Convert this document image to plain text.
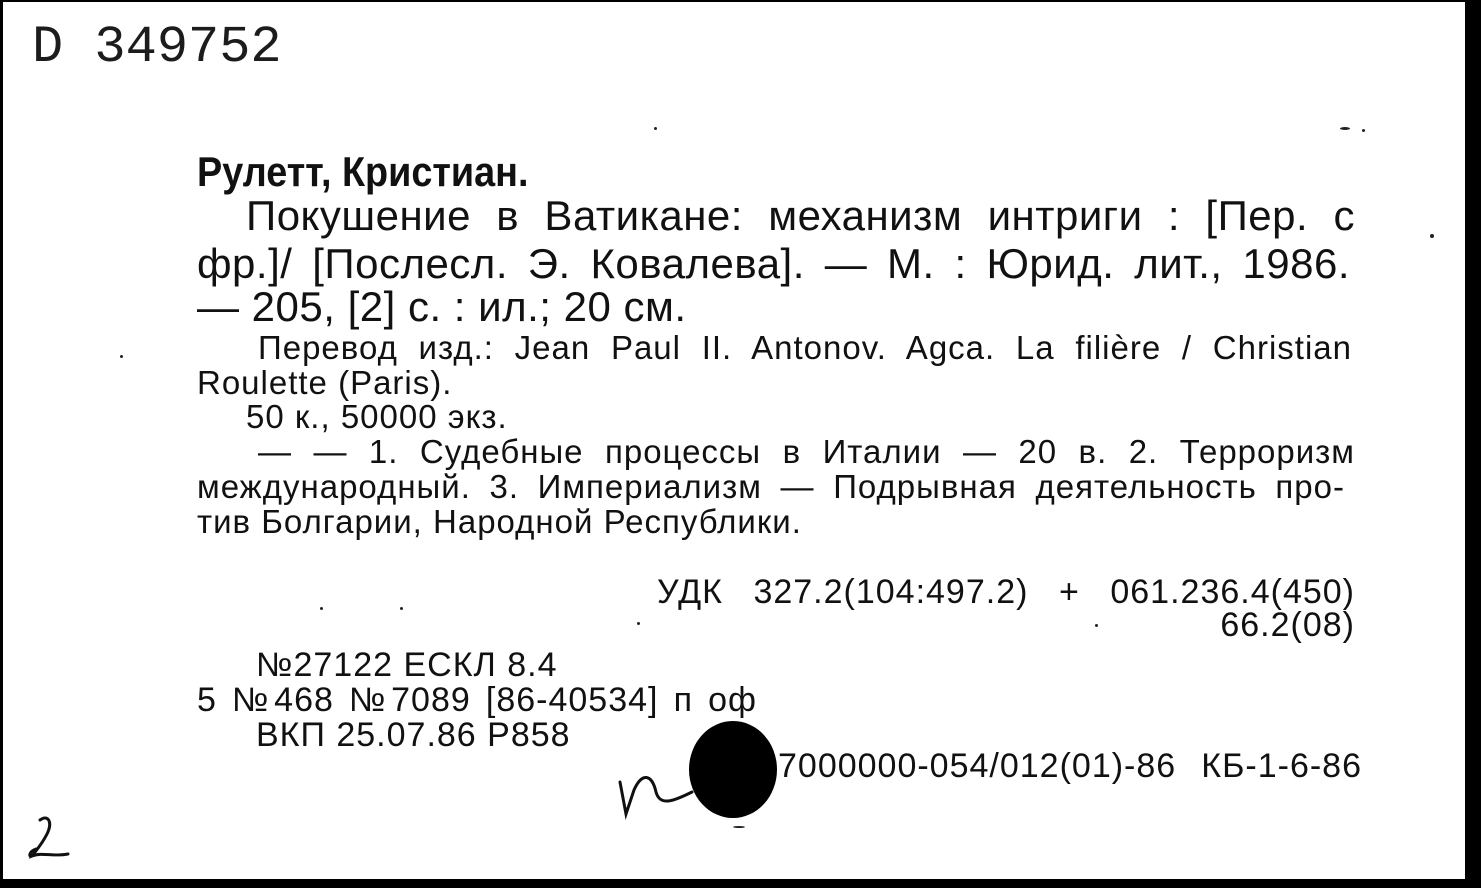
D 349752
Рулетт, Кристиан.
Покушение в Ватикане: механизм интриги : [Пер. с
фр.]/ [Послесл. Э. Ковалева]. — М. : Юрид. лит., 1986.
— 205, [2] с. : ил.; 20 см.
Перевод изд.: Jean Paul II. Antonov. Agca. La filière / Christian
Roulette (Paris).
50 к., 50000 экз.
— — 1. Судебные процессы в Италии — 20 в. 2. Терроризм
международный. 3. Империализм — Подрывная деятельность про-
тив Болгарии, Народной Республики.
УДК 327.2(104:497.2) + 061.236.4(450)
66.2(08)
№27122 ЕСКЛ 8.4
5 №468 №7089 [86-40534] п оф
ВКП 25.07.86 Р858
7000000-054/012(01)-86 КБ-1-6-86
